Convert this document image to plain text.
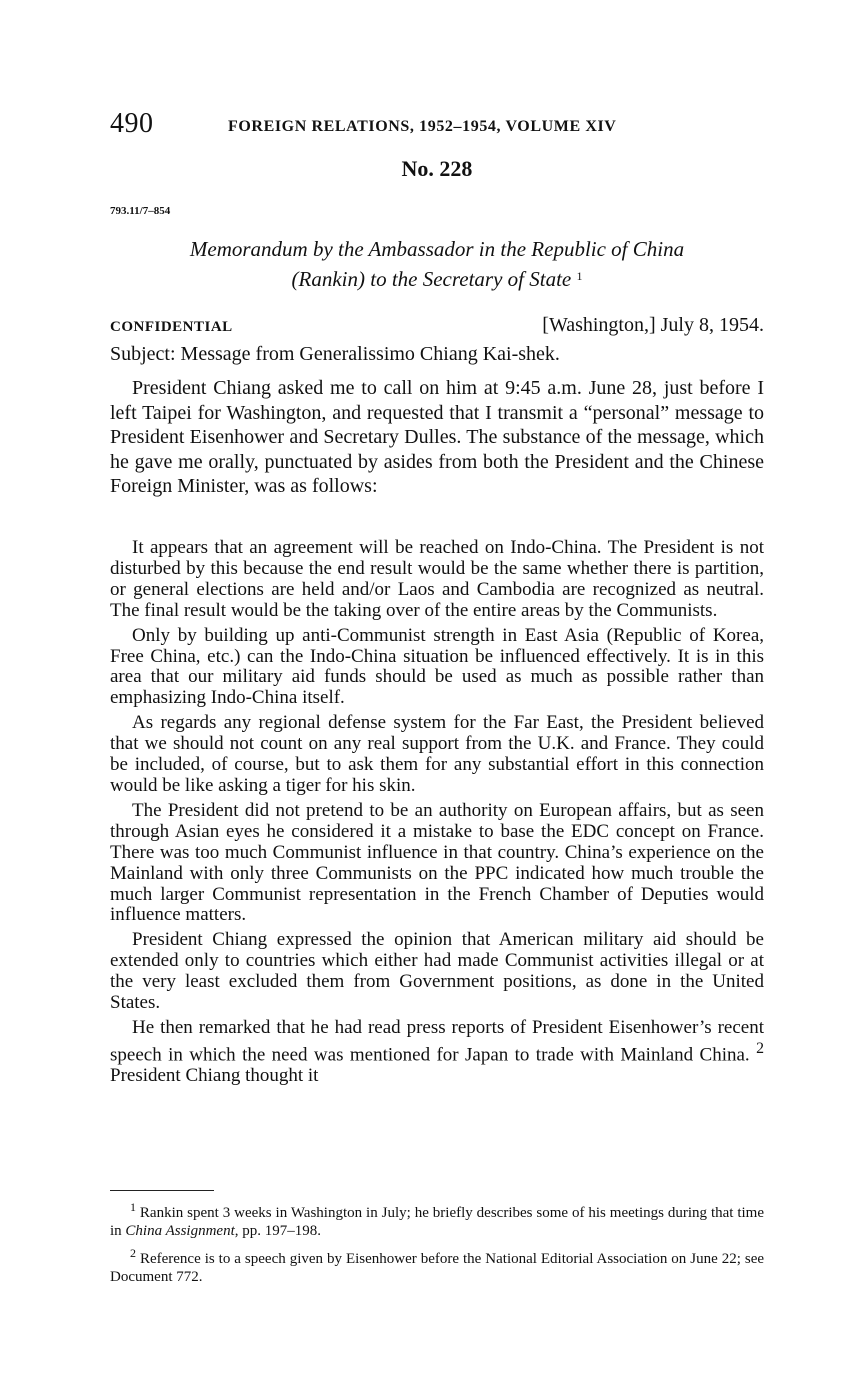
490	FOREIGN RELATIONS, 1952–1954, VOLUME XIV
No. 228
793.11/7–854
Memorandum by the Ambassador in the Republic of China
(Rankin) to the Secretary of State $^1$
CONFIDENTIAL	[Washington,] July 8, 1954.
Subject: Message from Generalissimo Chiang Kai-shek.

President Chiang asked me to call on him at 9:45 a.m. June 28, just before I left Taipei for Washington, and requested that I transmit a “personal” message to President Eisenhower and Secretary Dulles. The substance of the message, which he gave me orally, punctuated by asides from both the President and the Chinese Foreign Minister, was as follows:

It appears that an agreement will be reached on Indo-China. The President is not disturbed by this because the end result would be the same whether there is partition, or general elections are held and/or Laos and Cambodia are recognized as neutral. The final result would be the taking over of the entire areas by the Communists.

Only by building up anti-Communist strength in East Asia (Republic of Korea, Free China, etc.) can the Indo-China situation be influenced effectively. It is in this area that our military aid funds should be used as much as possible rather than emphasizing Indo-China itself.

As regards any regional defense system for the Far East, the President believed that we should not count on any real support from the U.K. and France. They could be included, of course, but to ask them for any substantial effort in this connection would be like asking a tiger for his skin.

The President did not pretend to be an authority on European affairs, but as seen through Asian eyes he considered it a mistake to base the EDC concept on France. There was too much Communist influence in that country. China’s experience on the Mainland with only three Communists on the PPC indicated how much trouble the much larger Communist representation in the French Chamber of Deputies would influence matters.

President Chiang expressed the opinion that American military aid should be extended only to countries which either had made Communist activities illegal or at the very least excluded them from Government positions, as done in the United States.

He then remarked that he had read press reports of President Eisenhower’s recent speech in which the need was mentioned for Japan to trade with Mainland China. $^2$ President Chiang thought it

$^1$ Rankin spent 3 weeks in Washington in July; he briefly describes some of his meetings during that time in China Assignment, pp. 197–198.

$^2$ Reference is to a speech given by Eisenhower before the National Editorial Association on June 22; see Document 772.
